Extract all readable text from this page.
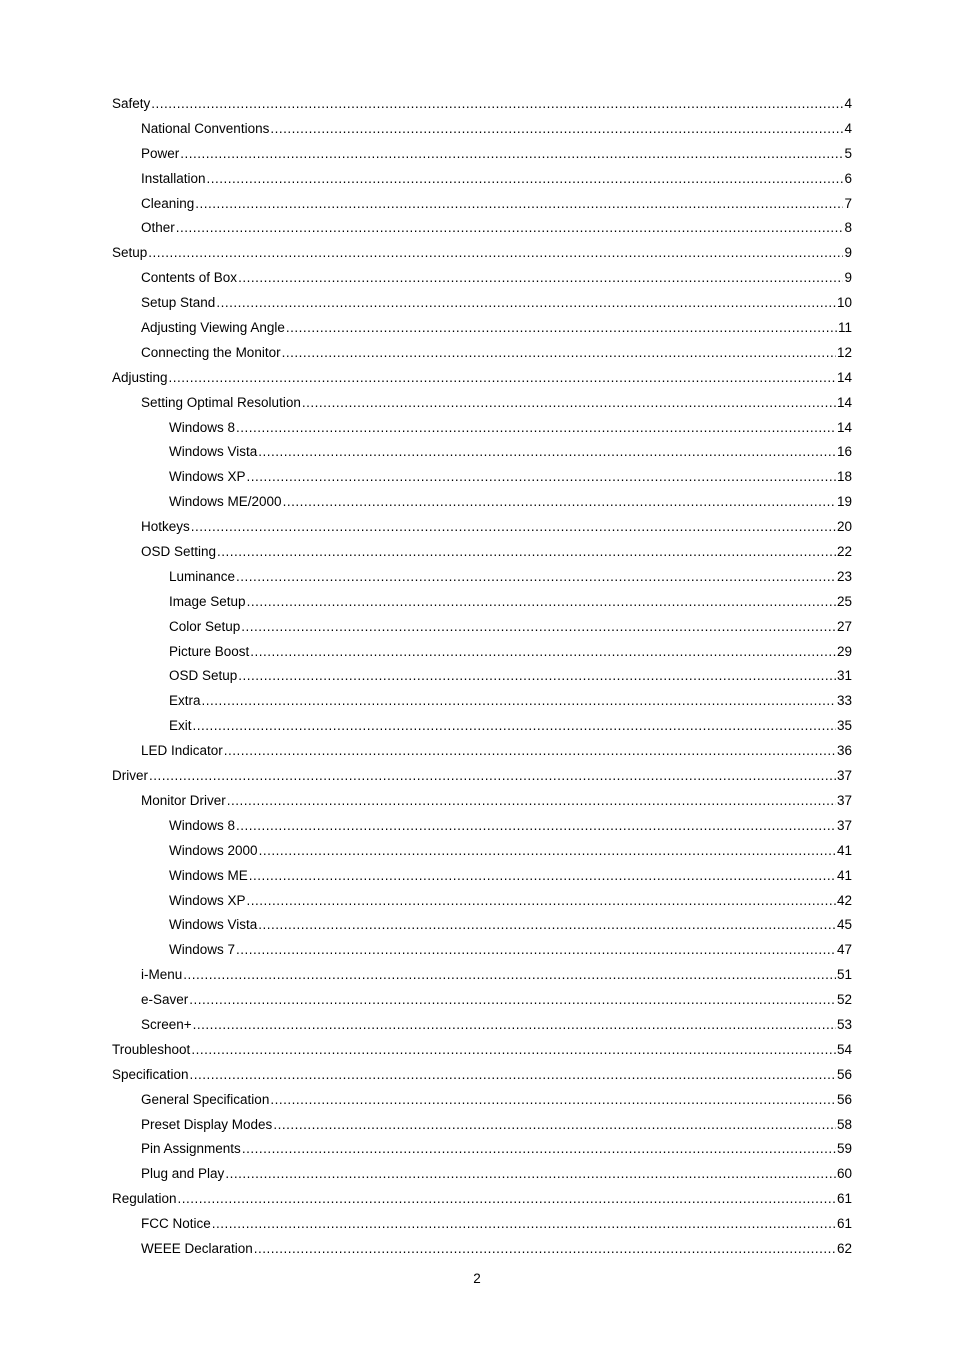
Safety .....	4
National Conventions .....	4
Power .....	5
Installation .....	6
Cleaning .....	7
Other .....	8
Setup .....	9
Contents of Box .....	9
Setup Stand .....	10
Adjusting Viewing Angle .....	11
Connecting the Monitor .....	12
Adjusting .....	14
Setting Optimal Resolution .....	14
Windows 8 .....	14
Windows Vista .....	16
Windows XP .....	18
Windows ME/2000 .....	19
Hotkeys .....	20
OSD Setting .....	22
Luminance .....	23
Image Setup .....	25
Color Setup .....	27
Picture Boost .....	29
OSD Setup .....	31
Extra .....	33
Exit .....	35
LED Indicator .....	36
Driver .....	37
Monitor Driver .....	37
Windows 8 .....	37
Windows 2000 .....	41
Windows ME .....	41
Windows XP .....	42
Windows Vista .....	45
Windows 7 .....	47
i-Menu .....	51
e-Saver .....	52
Screen+ .....	53
Troubleshoot .....	54
Specification .....	56
General Specification .....	56
Preset Display Modes .....	58
Pin Assignments .....	59
Plug and Play .....	60
Regulation .....	61
FCC Notice .....	61
WEEE Declaration .....	62
2
